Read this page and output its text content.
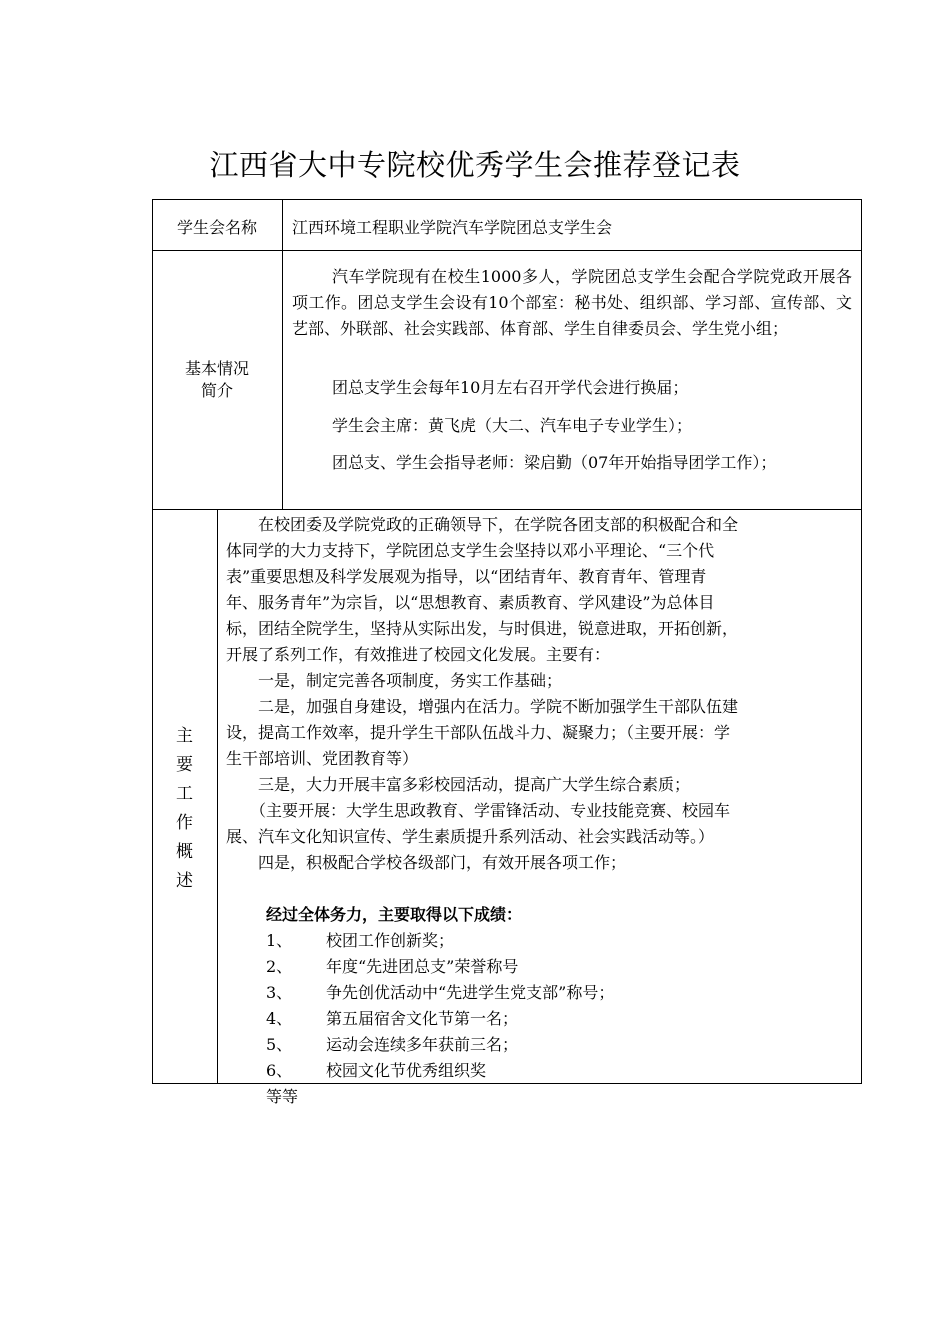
江西省大中专院校优秀学生会推荐登记表
学生会名称	江西环境工程职业学院汽车学院团总支学生会
基本情况
简介

汽车学院现有在校生1000多人，学院团总支学生会配合学院党政开展各项工作。团总支学生会设有10个部室：秘书处、组织部、学习部、宣传部、文艺部、外联部、社会实践部、体育部、学生自律委员会、学生党小组；

团总支学生会每年10月左右召开学代会进行换届；

学生会主席：黄飞虎（大二、汽车电子专业学生）；

团总支、学生会指导老师：梁启勤（07年开始指导团学工作）；

主
要
工
作
概
述
　　在校团委及学院党政的正确领导下，在学院各团支部的积极配合和全
体同学的大力支持下，学院团总支学生会坚持以邓小平理论、“三个代
表”重要思想及科学发展观为指导，以“团结青年、教育青年、管理青
年、服务青年”为宗旨，以“思想教育、素质教育、学风建设”为总体目
标，团结全院学生，坚持从实际出发，与时俱进，锐意进取，开拓创新，
开展了系列工作，有效推进了校园文化发展。主要有：
　　一是，制定完善各项制度，务实工作基础；
　　二是，加强自身建设，增强内在活力。学院不断加强学生干部队伍建
设，提高工作效率，提升学生干部队伍战斗力、凝聚力；（主要开展：学
生干部培训、党团教育等）
　　三是，大力开展丰富多彩校园活动，提高广大学生综合素质；
　　（主要开展：大学生思政教育、学雷锋活动、专业技能竞赛、校园车
展、汽车文化知识宣传、学生素质提升系列活动、社会实践活动等。）
　　四是，积极配合学校各级部门，有效开展各项工作；
经过全体务力，主要取得以下成绩：
1、 校团工作创新奖；
2、 年度“先进团总支”荣誉称号
3、 争先创优活动中“先进学生党支部”称号；
4、 第五届宿舍文化节第一名；
5、 运动会连续多年获前三名；
6、 校园文化节优秀组织奖
等等
